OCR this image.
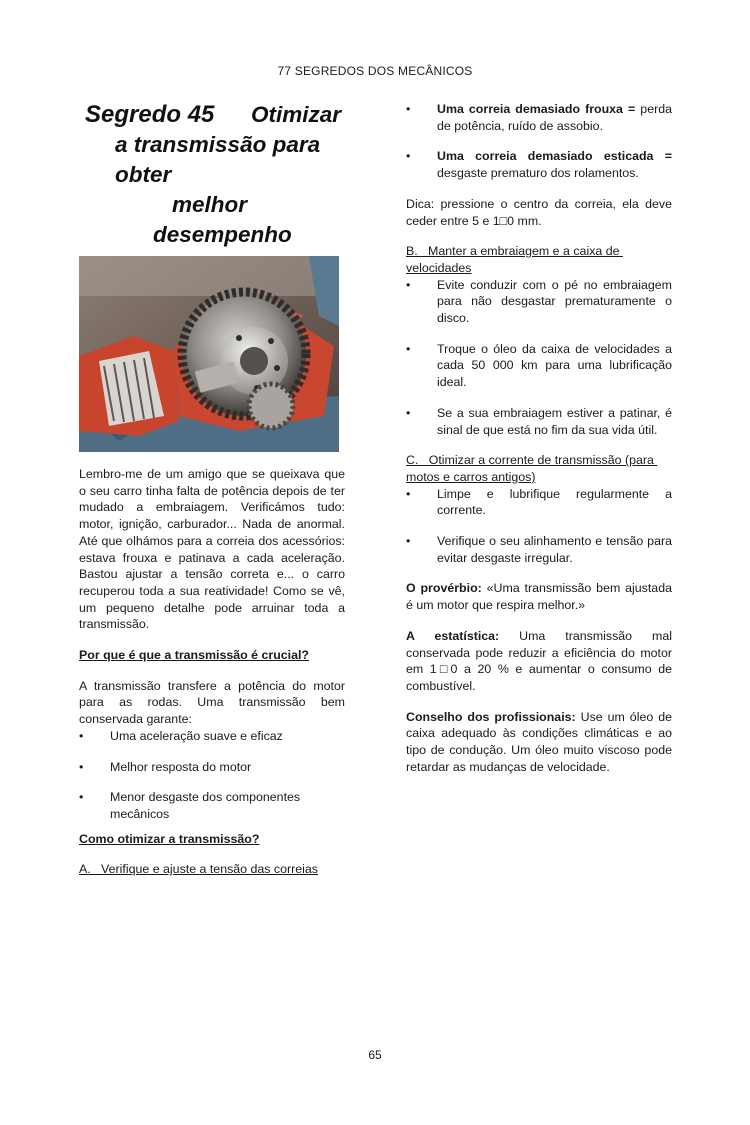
77 SEGREDOS DOS MECÂNICOS
Segredo 45 Otimizar
a transmissão para
obter
melhor
desempenho

Lembro-me de um amigo que se queixava que o seu carro tinha falta de potência depois de ter mudado a embraiagem. Verificámos tudo: motor, ignição, carburador... Nada de anormal. Até que olhámos para a correia dos acessórios: estava frouxa e patinava a cada aceleração. Bastou ajustar a tensão correta e... o carro recuperou toda a sua reatividade! Como se vê, um pequeno detalhe pode arruinar toda a transmissão.

Por que é que a transmissão é crucial?

A transmissão transfere a potência do motor para as rodas. Uma transmissão bem conservada garante:

• Uma aceleração suave e eficaz
• Melhor resposta do motor
• Menor desgaste dos componentes mecânicos

Como otimizar a transmissão?

A.   Verifique e ajuste a tensão das correias

• Uma correia demasiado frouxa = perda de potência, ruído de assobio.
• Uma correia demasiado esticada = desgaste prematuro dos rolamentos.

Dica: pressione o centro da correia, ela deve ceder entre 5 e 1□0 mm.

B.   Manter a embraiagem e a caixa de velocidades

• Evite conduzir com o pé no embraiagem para não desgastar prematuramente o disco.
• Troque o óleo da caixa de velocidades a cada 50 000 km para uma lubrificação ideal.
• Se a sua embraiagem estiver a patinar, é sinal de que está no fim da sua vida útil.

C.   Otimizar a corrente de transmissão (para motos e carros antigos)

• Limpe e lubrifique regularmente a corrente.
• Verifique o seu alinhamento e tensão para evitar desgaste irregular.

O provérbio: «Uma transmissão bem ajustada é um motor que respira melhor.»

A estatística: Uma transmissão mal conservada pode reduzir a eficiência do motor em 1□0 a 20 % e aumentar o consumo de combustível.

Conselho dos profissionais: Use um óleo de caixa adequado às condições climáticas e ao tipo de condução. Um óleo muito viscoso pode retardar as mudanças de velocidade.

65
